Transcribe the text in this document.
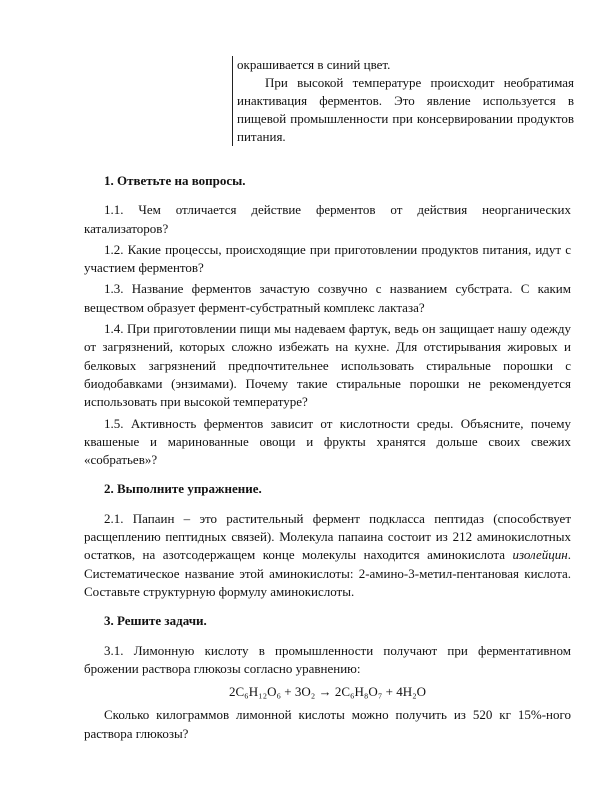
окрашивается в синий цвет.

При высокой температуре происходит необратимая инактивация ферментов. Это явление используется в пищевой промышленности при консервировании продуктов питания.

1. Ответьте на вопросы.

1.1. Чем отличается действие ферментов от действия неорганических катализаторов?

1.2. Какие процессы, происходящие при приготовлении продуктов питания, идут с участием ферментов?

1.3. Название ферментов зачастую созвучно с названием субстрата. С каким веществом образует фермент-субстратный комплекс лактаза?

1.4. При приготовлении пищи мы надеваем фартук, ведь он защищает нашу одежду от загрязнений, которых сложно избежать на кухне. Для отстирывания жировых и белковых загрязнений предпочтительнее использовать стиральные порошки с биодобавками (энзимами). Почему такие стиральные порошки не рекомендуется использовать при высокой температуре?

1.5. Активность ферментов зависит от кислотности среды. Объясните, почему квашеные и маринованные овощи и фрукты хранятся дольше своих свежих «собратьев»?

2. Выполните упражнение.

2.1. Папаин – это растительный фермент подкласса пептидаз (способствует расщеплению пептидных связей). Молекула папаина состоит из 212 аминокислотных остатков, на азотсодержащем конце молекулы находится аминокислота изолейцин. Систематическое название этой аминокислоты: 2-амино-3-метил-пентановая кислота. Составьте структурную формулу аминокислоты.

3. Решите задачи.

3.1. Лимонную кислоту в промышленности получают при ферментативном брожении раствора глюкозы согласно уравнению:

2C₆H₁₂O₆ + 3O₂ → 2C₆H₈O₇ + 4H₂O

Сколько килограммов лимонной кислоты можно получить из 520 кг 15%-ного раствора глюкозы?
